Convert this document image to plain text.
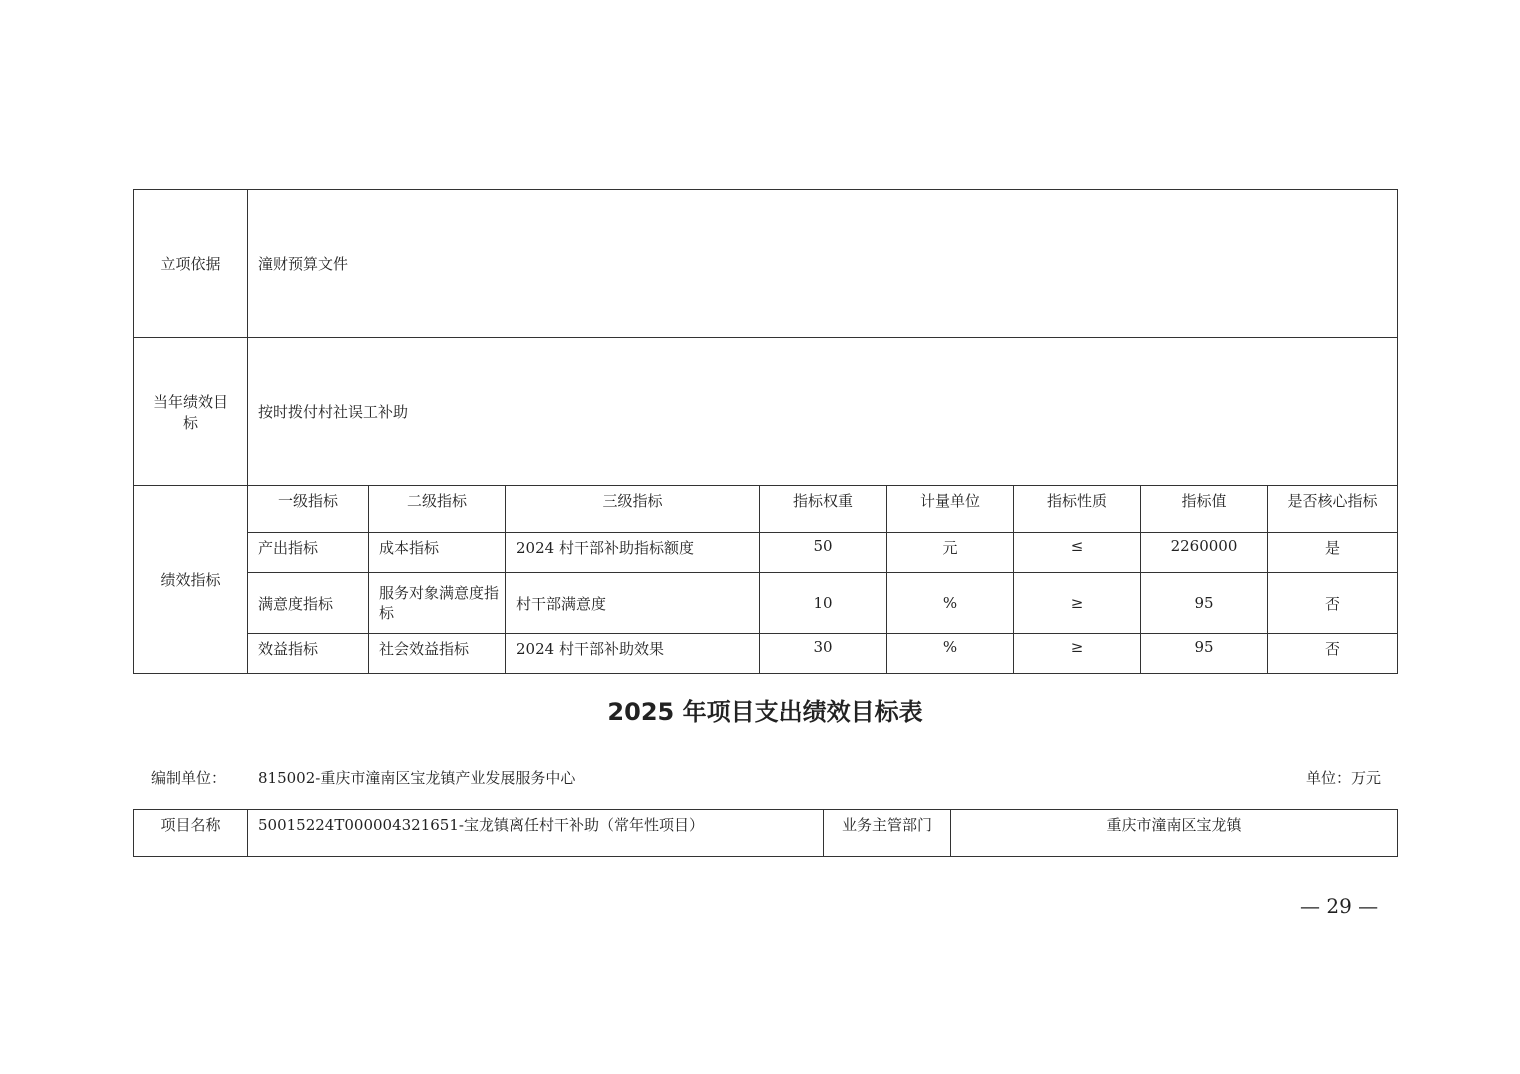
立项依据	潼财预算文件							
当年绩效目标	按时拨付村社误工补助							
绩效指标	一级指标	二级指标	三级指标	指标权重	计量单位	指标性质	指标值	是否核心指标
	产出指标	成本指标	2024 村干部补助指标额度	50	元	≤	2260000	是
	满意度指标	服务对象满意度指标	村干部满意度	10	%	≥	95	否
	效益指标	社会效益指标	2024 村干部补助效果	30	%	≥	95	否
2025 年项目支出绩效目标表
编制单位： 815002-重庆市潼南区宝龙镇产业发展服务中心	单位：万元
项目名称	50015224T000004321651-宝龙镇离任村干补助（常年性项目）	业务主管部门	重庆市潼南区宝龙镇
— 29 —
